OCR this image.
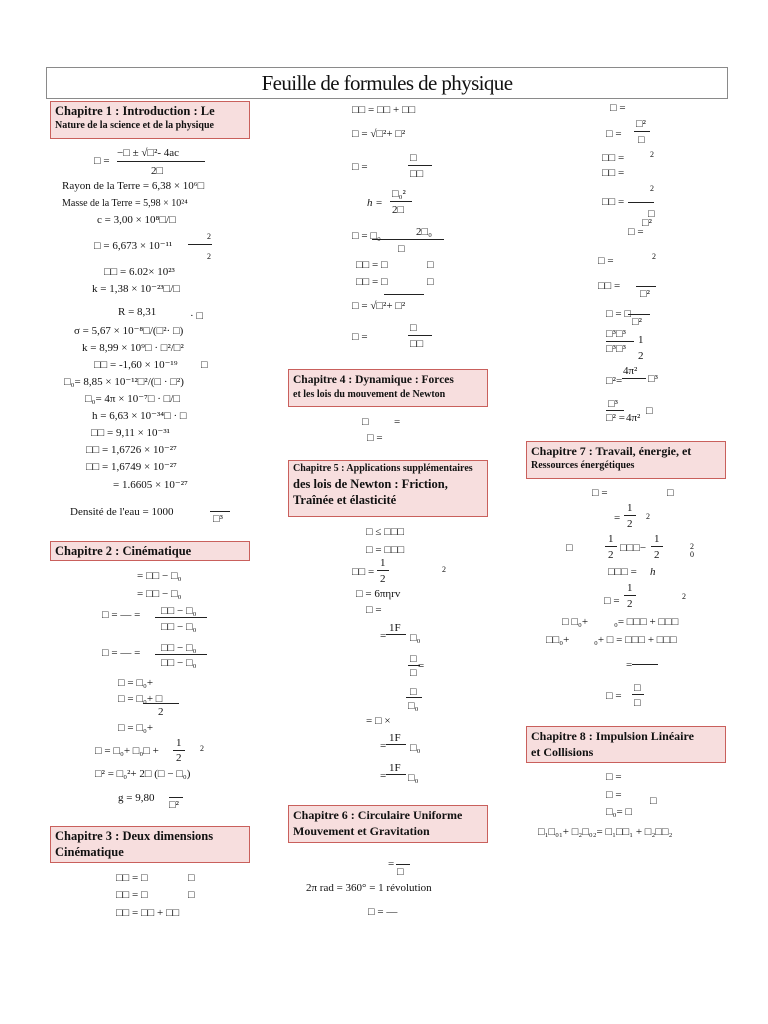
Feuille de formules de physique
Chapitre 1 : Introduction : Le
Nature de la science et de la physique
Chapitre 2 : Cinématique
Chapitre 3 : Deux dimensions
Cinématique
Chapitre 4 : Dynamique : Forces
et les lois du mouvement de Newton
Chapitre 5 : Applications supplémentaires
des lois de Newton : Friction,
Traînée et élasticité
Chapitre 6 : Circulaire Uniforme
Mouvement et Gravitation
Chapitre 7 : Travail, énergie, et
Ressources énergétiques
Chapitre 8 : Impulsion Linéaire
et Collisions
−□ ± √□²- 4ac
□ =
2□
Rayon de la Terre = 6,38 × 10⁶□
Masse de la Terre = 5,98 × 10²⁴
c = 3,00 × 10⁸□/□
□ = 6,673 × 10⁻¹¹
2
2
□□ = 6.02× 10²³
k = 1,38 × 10⁻²³□/□
R = 8,31	· □
σ = 5,67 × 10⁻⁸□/(□²· □)
k = 8,99 × 10⁹□ · □²/□²
□□ = -1,60 × 10⁻¹⁹ □
□₀= 8,85 × 10⁻¹²□²/(□ · □²)
□₀= 4π × 10⁻⁷□ · □/□
h = 6,63 × 10⁻³⁴□ · □
□□ = 9,11 × 10⁻³¹
□□ = 1,6726 × 10⁻²⁷
□□ = 1,6749 × 10⁻²⁷
= 1.6605 × 10⁻²⁷
Densité de l'eau = 1000
□³
= □□ − □₀
= □□ − □₀
□ = — = □□ − □₀
□□ − □₀
□ = — = □□ − □₀
□□ − □₀
□ = □₀+
□ = □₀+ □
2
□ = □₀+
□ = □₀+ □₀□ +
1
2
2
□² = □₀²+ 2□ (□ − □₀)
g = 9,80
□²
□□ = □	□
□□ = □	□
□□ = □□ + □□
□□ = □□ + □□
□ = √□²+ □²
□ =
□
□□
h =
□₀²
2□
□ = □₀	2□₀
□
□□ = □	□
□□ = □	□
□ = √□²+ □²
□ =
□
□□
□ =
□ =
□ ≤ □□□
□ = □□□
□□ =
1
2
2
□ = 6πηrv
□ =
=
1F
□₀
□
=
□
□
□₀
= □ ×
=
1F
□₀
=
1F
□₀
=
□
2π rad = 360° = 1 révolution
□ = —
□ =
□ =
□²
□
□□ =	2
□□ =
2
□□ =
□
□ =
□²
□ =	2
□□ =
□²
□ = □
□²
□³□³
□³□³
1
2
□²=
4π²
□³
□³
□² = 4π²
□
□ =	□
=
1
2
2
□
1
2
□□□−
1
2
2
0
□□□ = h
□ =
1
2
2
□ □₀+ ₀= □□□ + □□□
□□₀+ ₀+ □ = □□□ + □□□
=
□ =
□
□
□ =
□ =	□
□₀= □
□₁□₀₁+ □₂□₀₂= □₁□□₁ + □₂□□₂
